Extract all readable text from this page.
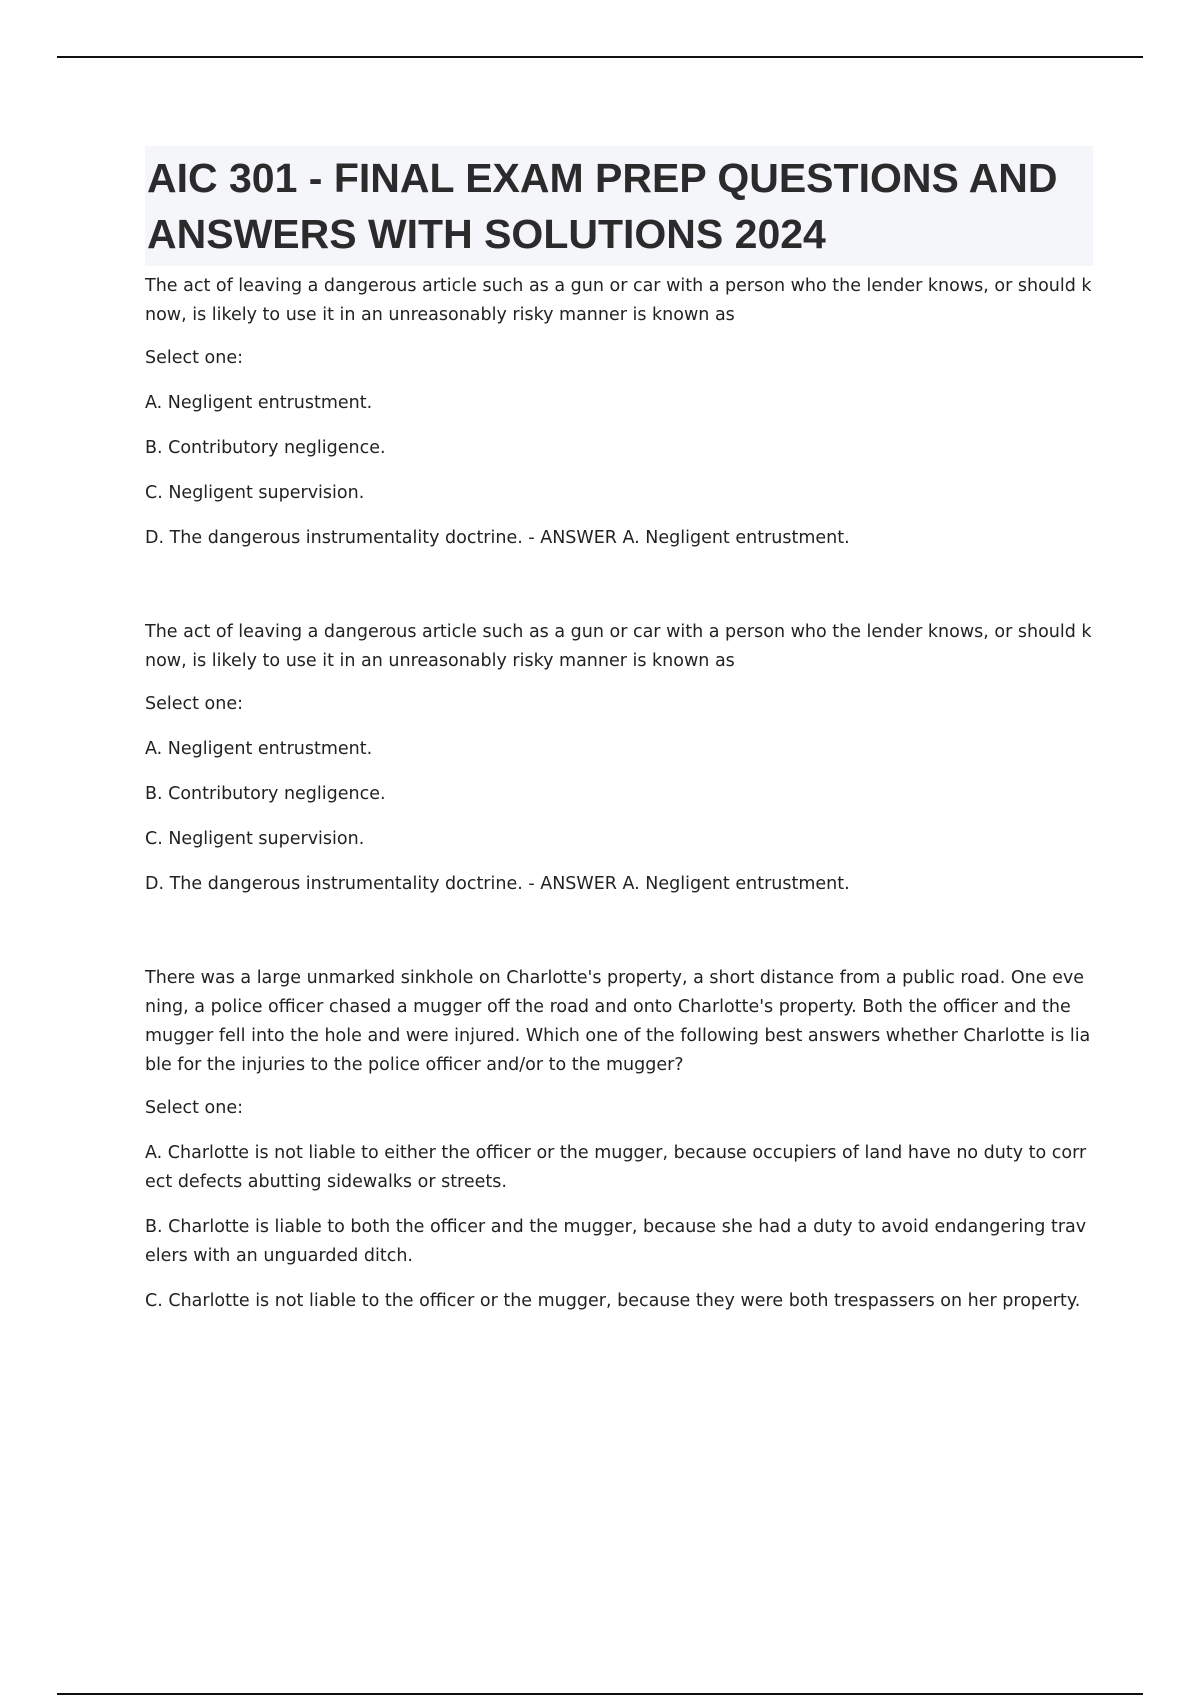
AIC 301 - FINAL EXAM PREP QUESTIONS AND ANSWERS WITH SOLUTIONS 2024

The act of leaving a dangerous article such as a gun or car with a person who the lender knows, or should know, is likely to use it in an unreasonably risky manner is known as

Select one:

A. Negligent entrustment.

B. Contributory negligence.

C. Negligent supervision.

D. The dangerous instrumentality doctrine. - ANSWER A. Negligent entrustment.

The act of leaving a dangerous article such as a gun or car with a person who the lender knows, or should know, is likely to use it in an unreasonably risky manner is known as

Select one:

A. Negligent entrustment.

B. Contributory negligence.

C. Negligent supervision.

D. The dangerous instrumentality doctrine. - ANSWER A. Negligent entrustment.

There was a large unmarked sinkhole on Charlotte's property, a short distance from a public road. One evening, a police officer chased a mugger off the road and onto Charlotte's property. Both the officer and the mugger fell into the hole and were injured. Which one of the following best answers whether Charlotte is liable for the injuries to the police officer and/or to the mugger?

Select one:

A. Charlotte is not liable to either the officer or the mugger, because occupiers of land have no duty to correct defects abutting sidewalks or streets.

B. Charlotte is liable to both the officer and the mugger, because she had a duty to avoid endangering travelers with an unguarded ditch.

C. Charlotte is not liable to the officer or the mugger, because they were both trespassers on her property.
